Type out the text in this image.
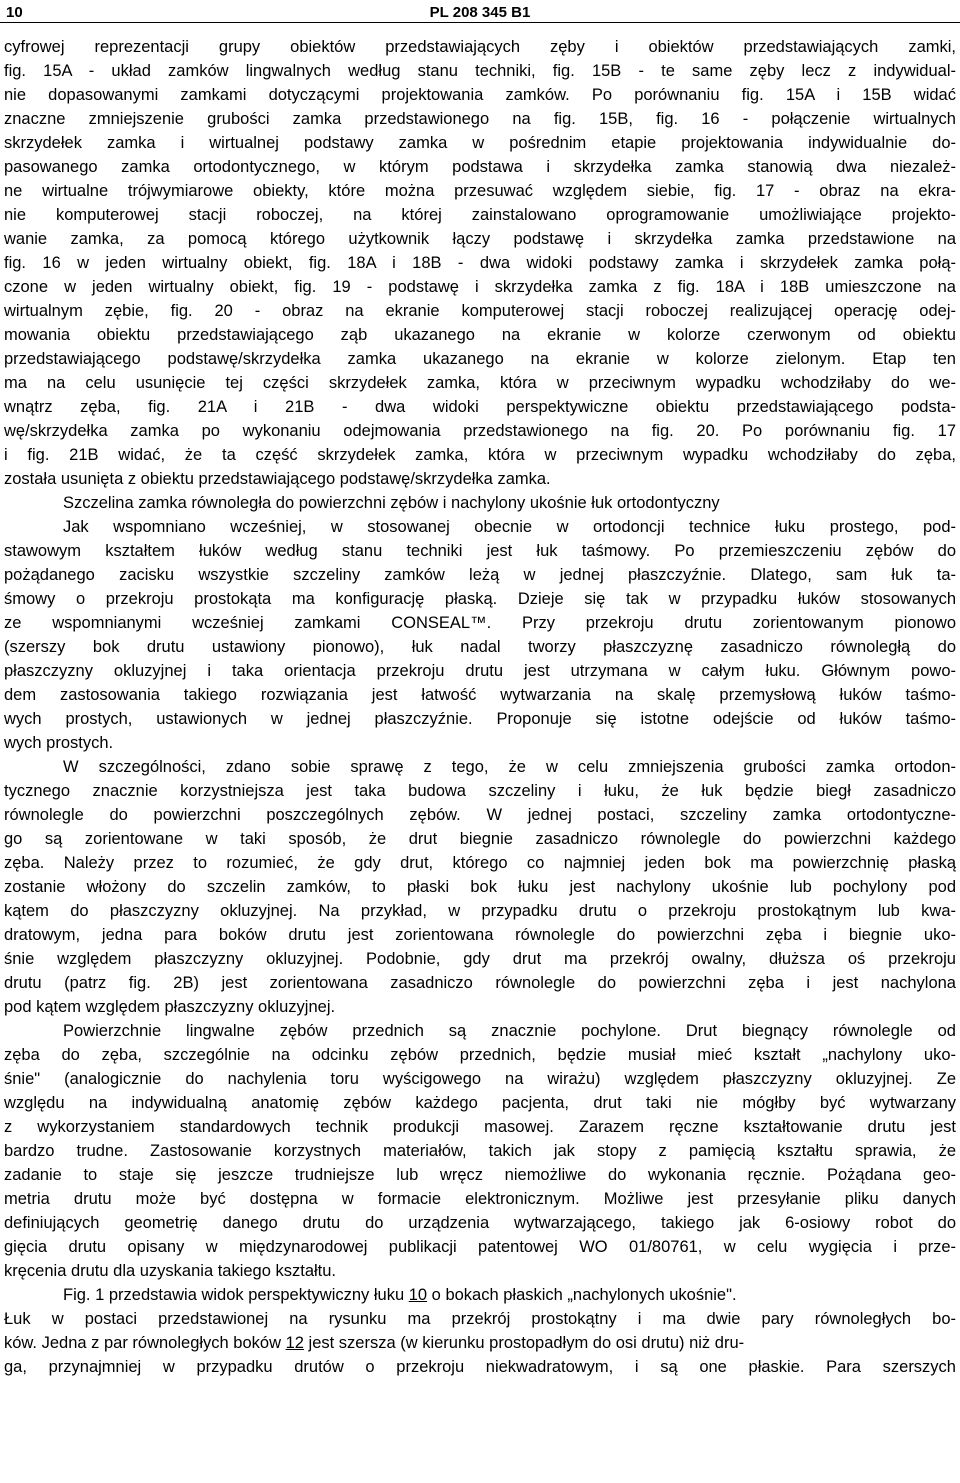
10	PL 208 345 B1

cyfrowej reprezentacji grupy obiektów przedstawiających zęby i obiektów przedstawiających zamki,

fig. 15A - układ zamków lingwalnych według stanu techniki, fig. 15B - te same zęby lecz z indywidual-

nie dopasowanymi zamkami dotyczącymi projektowania zamków. Po porównaniu fig. 15A i 15B widać

znaczne zmniejszenie grubości zamka przedstawionego na fig. 15B, fig. 16 - połączenie wirtualnych

skrzydełek zamka i wirtualnej podstawy zamka w pośrednim etapie projektowania indywidualnie do-

pasowanego zamka ortodontycznego, w którym podstawa i skrzydełka zamka stanowią dwa niezależ-

ne wirtualne trójwymiarowe obiekty, które można przesuwać względem siebie, fig. 17 - obraz na ekra-

nie komputerowej stacji roboczej, na której zainstalowano oprogramowanie umożliwiające projekto-

wanie zamka, za pomocą którego użytkownik łączy podstawę i skrzydełka zamka przedstawione na

fig. 16 w jeden wirtualny obiekt, fig. 18A i 18B - dwa widoki podstawy zamka i skrzydełek zamka połą-

czone w jeden wirtualny obiekt, fig. 19 - podstawę i skrzydełka zamka z fig. 18A i 18B umieszczone na

wirtualnym zębie, fig. 20 - obraz na ekranie komputerowej stacji roboczej realizującej operację odej-

mowania obiektu przedstawiającego ząb ukazanego na ekranie w kolorze czerwonym od obiektu

przedstawiającego podstawę/skrzydełka zamka ukazanego na ekranie w kolorze zielonym. Etap ten

ma na celu usunięcie tej części skrzydełek zamka, która w przeciwnym wypadku wchodziłaby do we-

wnątrz zęba, fig. 21A i 21B - dwa widoki perspektywiczne obiektu przedstawiającego podsta-

wę/skrzydełka zamka po wykonaniu odejmowania przedstawionego na fig. 20. Po porównaniu fig. 17

i fig. 21B widać, że ta część skrzydełek zamka, która w przeciwnym wypadku wchodziłaby do zęba,

została usunięta z obiektu przedstawiającego podstawę/skrzydełka zamka.

Szczelina zamka równoległa do powierzchni zębów i nachylony ukośnie łuk ortodontyczny

Jak wspomniano wcześniej, w stosowanej obecnie w ortodoncji technice łuku prostego, pod-

stawowym kształtem łuków według stanu techniki jest łuk taśmowy. Po przemieszczeniu zębów do

pożądanego zacisku wszystkie szczeliny zamków leżą w jednej płaszczyźnie. Dlatego, sam łuk ta-

śmowy o przekroju prostokąta ma konfigurację płaską. Dzieje się tak w przypadku łuków stosowanych

ze wspomnianymi wcześniej zamkami CONSEAL™. Przy przekroju drutu zorientowanym pionowo

(szerszy bok drutu ustawiony pionowo), łuk nadal tworzy płaszczyznę zasadniczo równoległą do

płaszczyzny okluzyjnej i taka orientacja przekroju drutu jest utrzymana w całym łuku. Głównym powo-

dem zastosowania takiego rozwiązania jest łatwość wytwarzania na skalę przemysłową łuków taśmo-

wych prostych, ustawionych w jednej płaszczyźnie. Proponuje się istotne odejście od łuków taśmo-

wych prostych.

W szczególności, zdano sobie sprawę z tego, że w celu zmniejszenia grubości zamka ortodon-

tycznego znacznie korzystniejsza jest taka budowa szczeliny i łuku, że łuk będzie biegł zasadniczo

równolegle do powierzchni poszczególnych zębów. W jednej postaci, szczeliny zamka ortodontyczne-

go są zorientowane w taki sposób, że drut biegnie zasadniczo równolegle do powierzchni każdego

zęba. Należy przez to rozumieć, że gdy drut, którego co najmniej jeden bok ma powierzchnię płaską

zostanie włożony do szczelin zamków, to płaski bok łuku jest nachylony ukośnie lub pochylony pod

kątem do płaszczyzny okluzyjnej. Na przykład, w przypadku drutu o przekroju prostokątnym lub kwa-

dratowym, jedna para boków drutu jest zorientowana równolegle do powierzchni zęba i biegnie uko-

śnie względem płaszczyzny okluzyjnej. Podobnie, gdy drut ma przekrój owalny, dłuższa oś przekroju

drutu (patrz fig. 2B) jest zorientowana zasadniczo równolegle do powierzchni zęba i jest nachylona

pod kątem względem płaszczyzny okluzyjnej.

Powierzchnie lingwalne zębów przednich są znacznie pochylone. Drut biegnący równolegle od

zęba do zęba, szczególnie na odcinku zębów przednich, będzie musiał mieć kształt „nachylony uko-

śnie" (analogicznie do nachylenia toru wyścigowego na wirażu) względem płaszczyzny okluzyjnej. Ze

względu na indywidualną anatomię zębów każdego pacjenta, drut taki nie mógłby być wytwarzany

z wykorzystaniem standardowych technik produkcji masowej. Zarazem ręczne kształtowanie drutu jest

bardzo trudne. Zastosowanie korzystnych materiałów, takich jak stopy z pamięcią kształtu sprawia, że

zadanie to staje się jeszcze trudniejsze lub wręcz niemożliwe do wykonania ręcznie. Pożądana geo-

metria drutu może być dostępna w formacie elektronicznym. Możliwe jest przesyłanie pliku danych

definiujących geometrię danego drutu do urządzenia wytwarzającego, takiego jak 6-osiowy robot do

gięcia drutu opisany w międzynarodowej publikacji patentowej WO 01/80761, w celu wygięcia i prze-

kręcenia drutu dla uzyskania takiego kształtu.

Fig. 1 przedstawia widok perspektywiczny łuku 10 o bokach płaskich „nachylonych ukośnie".

Łuk w postaci przedstawionej na rysunku ma przekrój prostokątny i ma dwie pary równoległych bo-

ków. Jedna z par równoległych boków 12 jest szersza (w kierunku prostopadłym do osi drutu) niż dru-

ga, przynajmniej w przypadku drutów o przekroju niekwadratowym, i są one płaskie. Para szerszych
